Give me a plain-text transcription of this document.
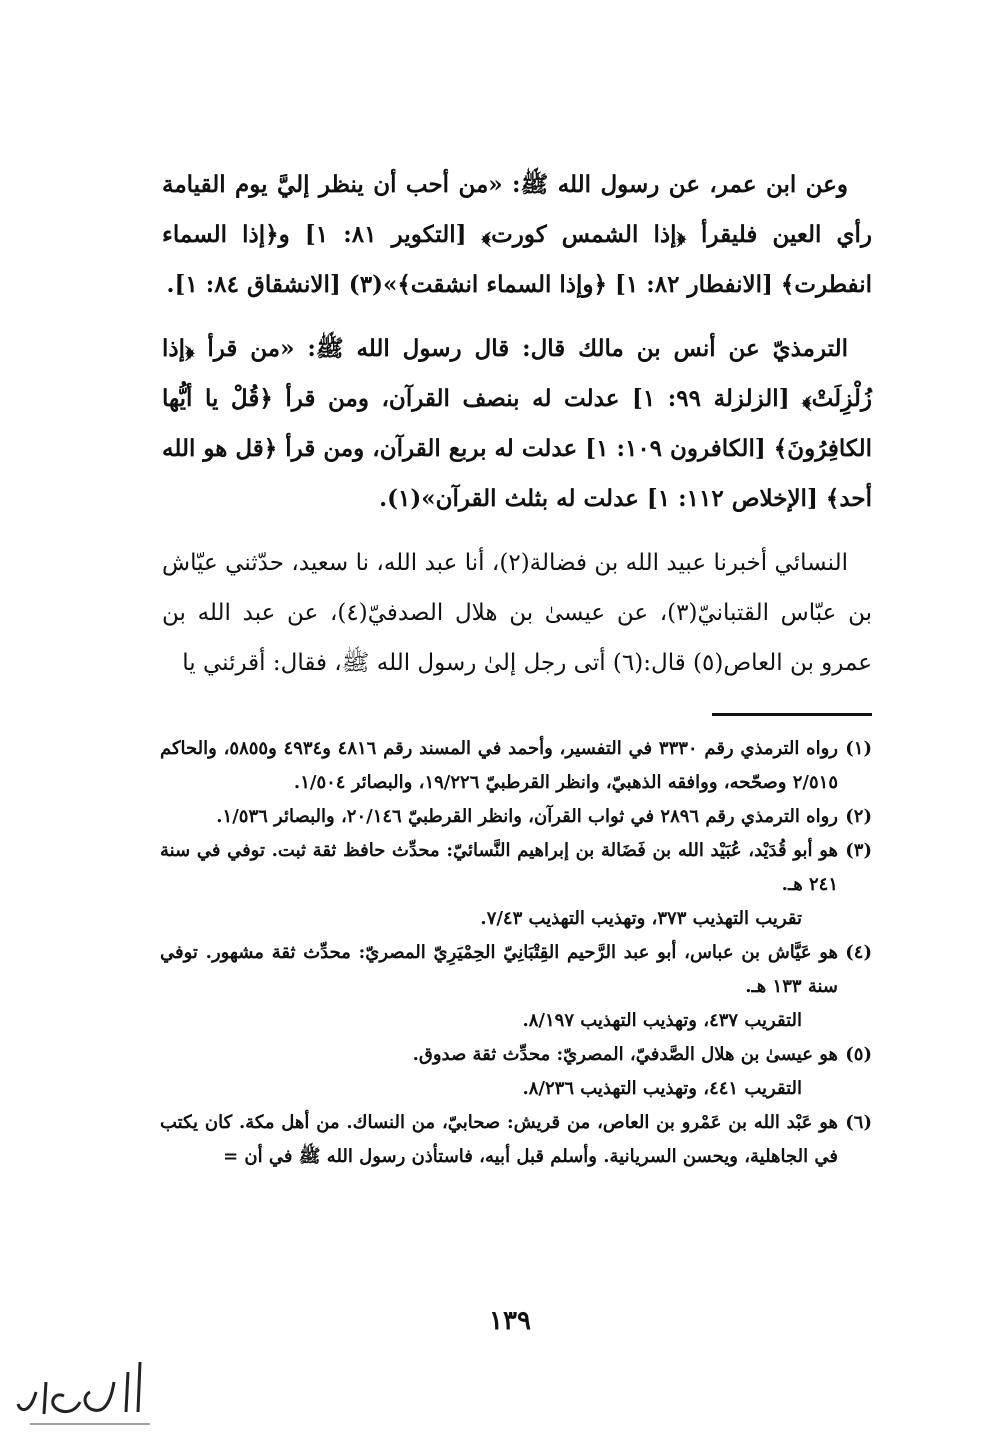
وعن ابن عمر، عن رسول الله ﷺ: «من أحب أن ينظر إليَّ يوم القيامة رأي العين فليقرأ ﴿إذا الشمس كورت﴾ [التكوير ٨١: ١] و﴿إذا السماء انفطرت﴾ [الانفطار ٨٢: ١] ﴿وإذا السماء انشقت﴾»(٣) [الانشقاق ٨٤: ١].

الترمذيّ عن أنس بن مالك قال: قال رسول الله ﷺ: «من قرأ ﴿إذا زُلْزِلَتْ﴾ [الزلزلة ٩٩: ١] عدلت له بنصف القرآن، ومن قرأ ﴿قُلْ يا أيُّها الكافِرُونَ﴾ [الكافرون ١٠٩: ١] عدلت له بربع القرآن، ومن قرأ ﴿قل هو الله أحد﴾ [الإخلاص ١١٢: ١] عدلت له بثلث القرآن»(١).

النسائي أخبرنا عبيد الله بن فضالة(٢)، أنا عبد الله، نا سعيد، حدّثني عيّاش بن عبّاس القتبانيّ(٣)، عن عيسىٰ بن هلال الصدفيّ(٤)، عن عبد الله بن عمرو بن العاص(٥) قال:(٦) أتى رجل إلىٰ رسول الله ﷺ، فقال: أقرئني يا

(١)
رواه الترمذي رقم ٣٣٣٠ في التفسير، وأحمد في المسند رقم ٤٨١٦ و٤٩٣٤ و٥٨٥٥، والحاكم ٢/٥١٥ وصحّحه، ووافقه الذهبيّ، وانظر القرطبيّ ١٩/٢٢٦، والبصائر ١/٥٠٤.
(٢)
رواه الترمذي رقم ٢٨٩٦ في ثواب القرآن، وانظر القرطبيّ ٢٠/١٤٦، والبصائر ١/٥٣٦.
(٣)
هو أبو قُدَيْد، عُبَيْد الله بن فَضَالة بن إبراهيم النَّسائيّ: محدِّث حافظ ثقة ثبت. توفي في سنة ٢٤١ هـ.
تقريب التهذيب ٣٧٣، وتهذيب التهذيب ٧/٤٣.
(٤)
هو عَيَّاش بن عباس، أبو عبد الرَّحيم القِتْبَانِيّ الحِمْيَرِيّ المصريّ: محدِّث ثقة مشهور. توفي سنة ١٣٣ هـ.
التقريب ٤٣٧، وتهذيب التهذيب ٨/١٩٧.
(٥)
هو عيسىٰ بن هلال الصَّدفيّ، المصريّ: محدِّث ثقة صدوق.
التقريب ٤٤١، وتهذيب التهذيب ٨/٢٣٦.
(٦)
هو عَبْد الله بن عَمْرو بن العاص، من قريش: صحابيّ، من النساك. من أهل مكة. كان يكتب في الجاهلية، ويحسن السريانية. وأسلم قبل أبيه، فاستأذن رسول الله ﷺ في أن =
١٣٩
